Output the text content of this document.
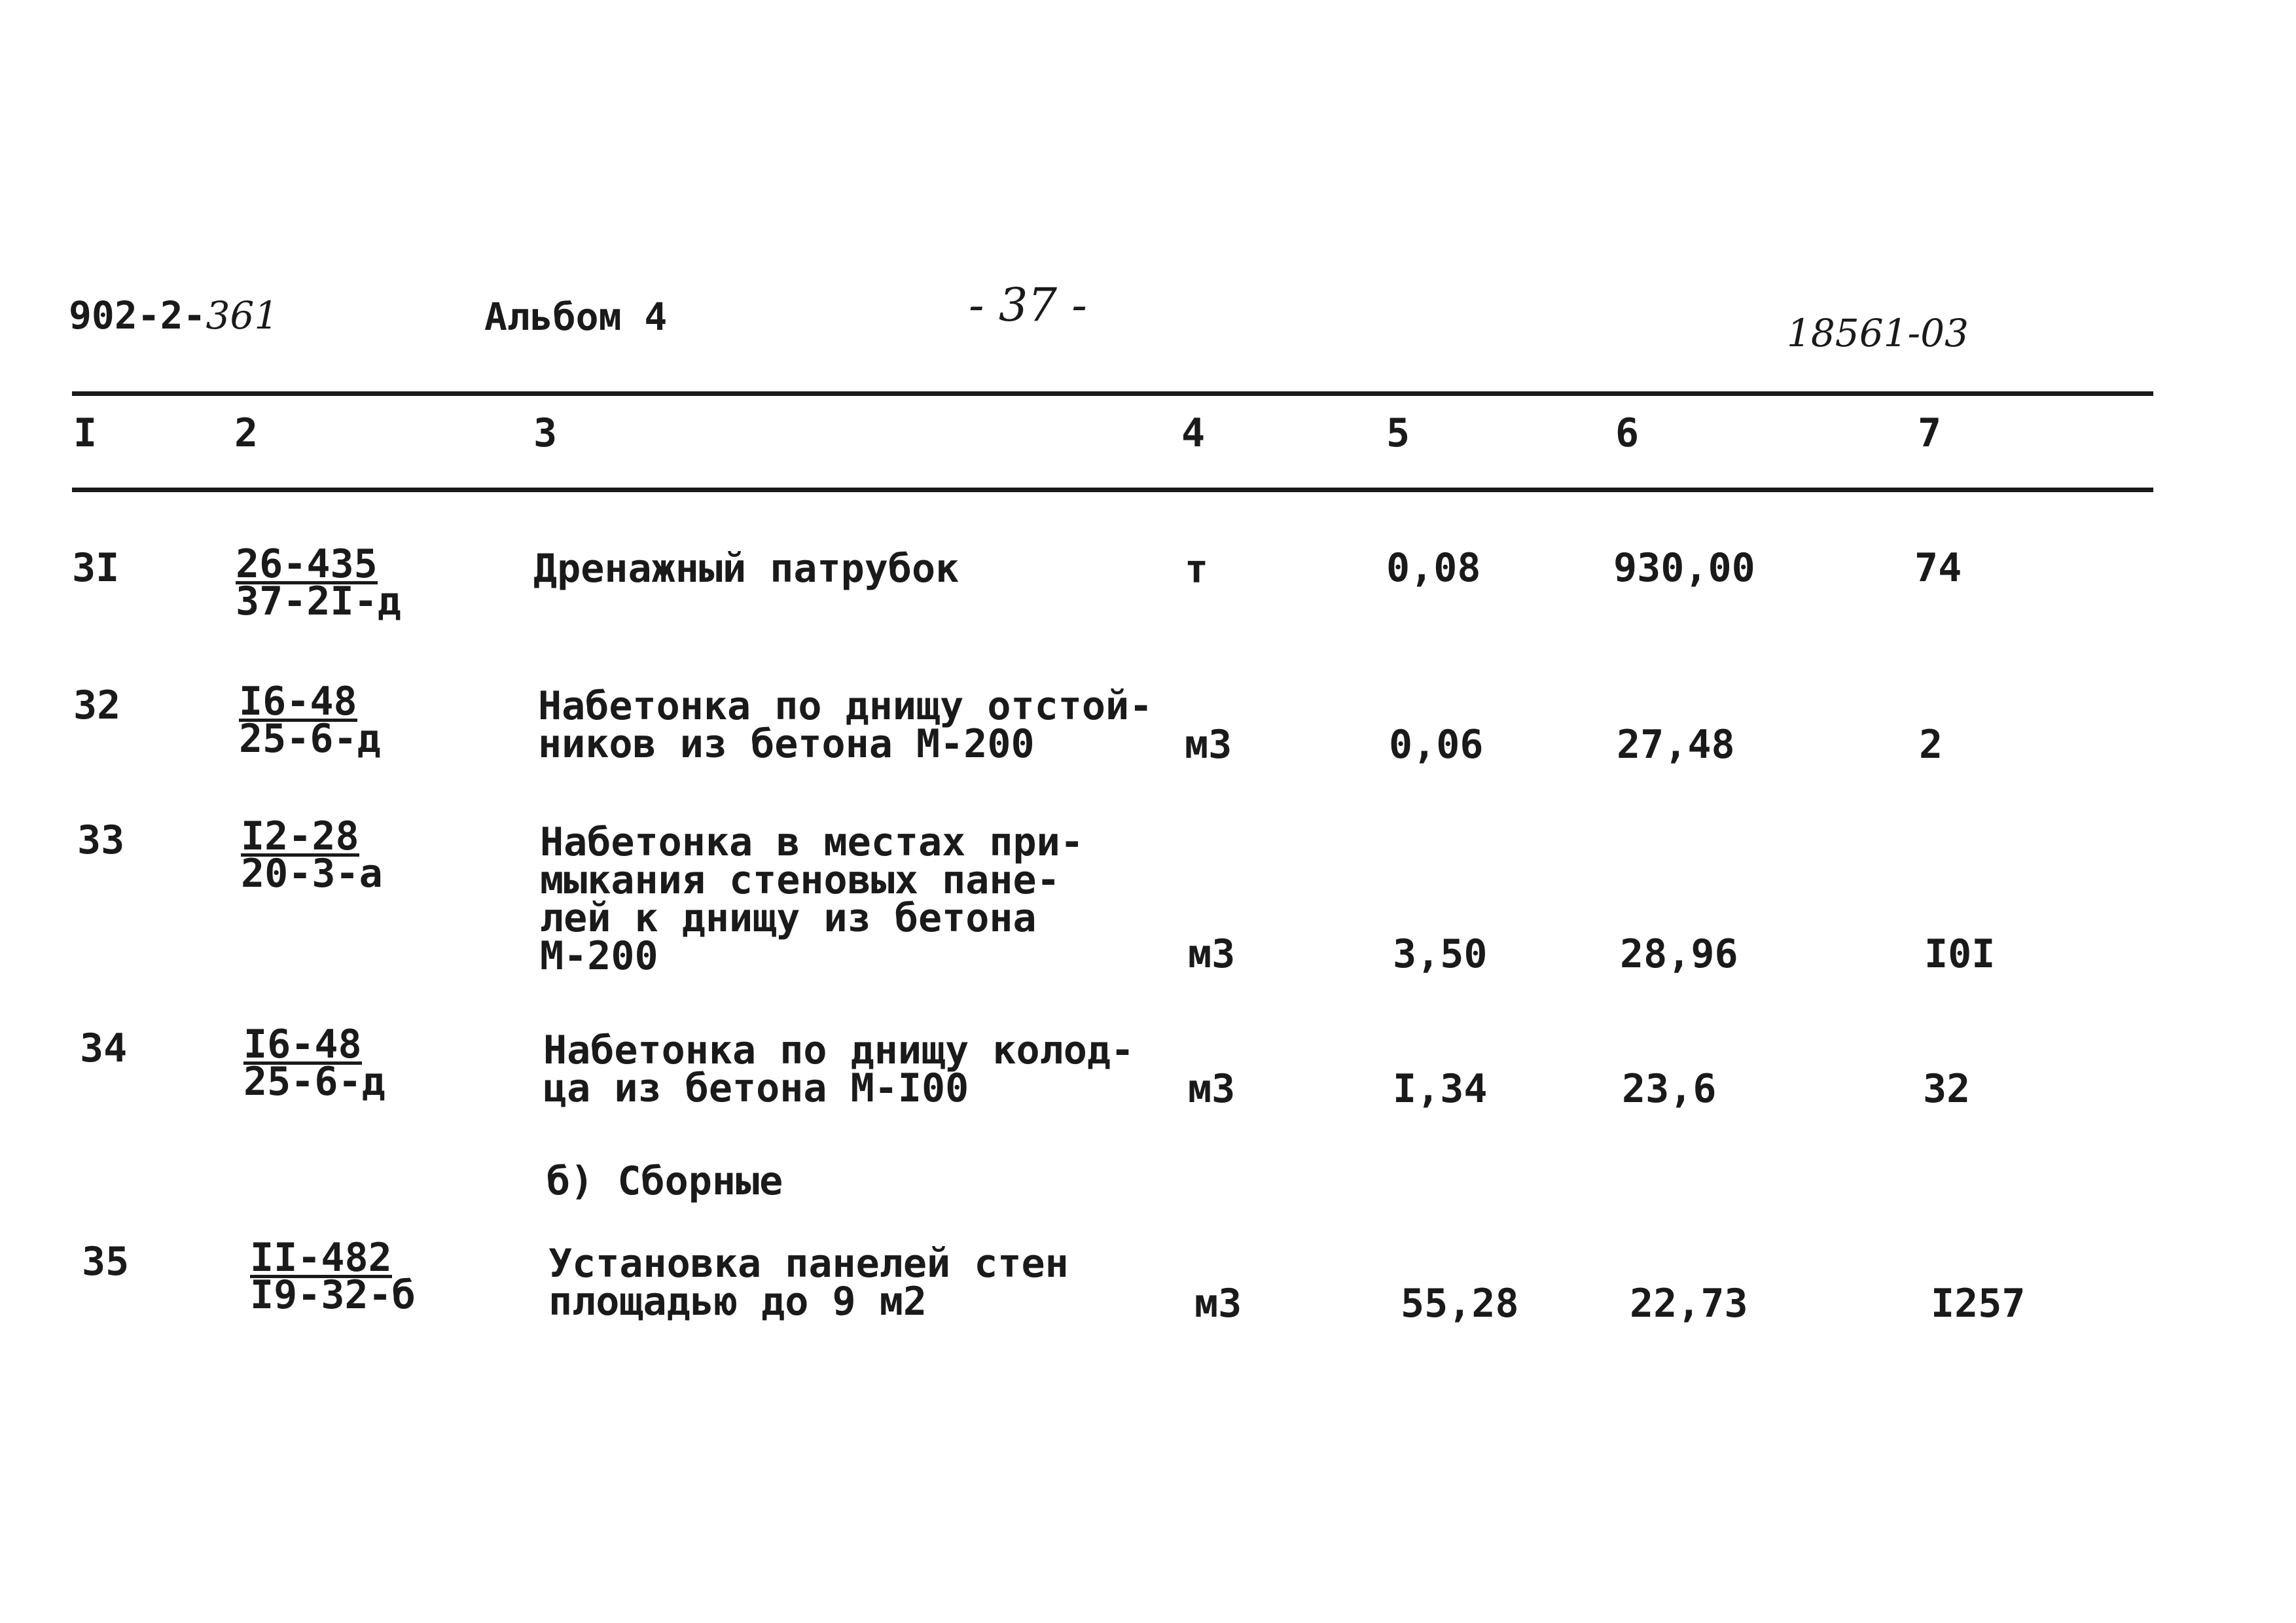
902-2-361	Альбом 4	- 37 -
18561-03
I	2	3	4	5	6	7
3I	26-435
37-2I-д
Дренажный патрубок	т	0,08	930,00	74
32	I6-48
25-6-д
Набетонка по днищу отстой-
ников из бетона М-200	м3	0,06	27,48	2
33	I2-28
20-3-а
Набетонка в местах при-
мыкания стеновых пане-
лей к днищу из бетона
М-200	м3	3,50	28,96	I0I
34	I6-48
25-6-д
Набетонка по днищу колод-
ца из бетона М-I00	м3	I,34	23,6	32
б) Сборные
35	II-482
I9-32-б
Установка панелей стен
площадью до 9 м2	м3	55,28	22,73	I257
